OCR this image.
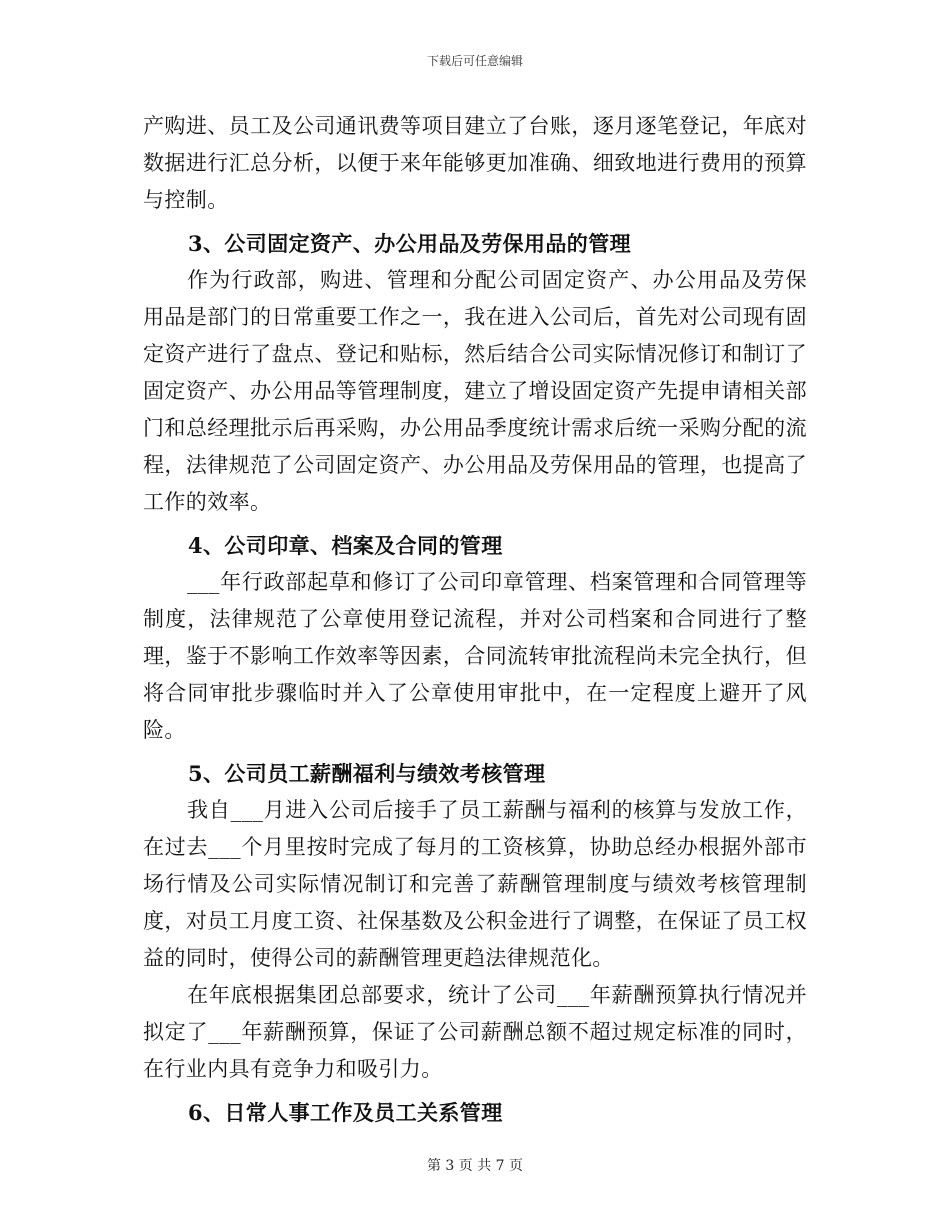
下载后可任意编辑

产购进、员工及公司通讯费等项目建立了台账，逐月逐笔登记，年底对数据进行汇总分析，以便于来年能够更加准确、细致地进行费用的预算与控制。

3、公司固定资产、办公用品及劳保用品的管理

作为行政部，购进、管理和分配公司固定资产、办公用品及劳保用品是部门的日常重要工作之一，我在进入公司后，首先对公司现有固定资产进行了盘点、登记和贴标，然后结合公司实际情况修订和制订了固定资产、办公用品等管理制度，建立了增设固定资产先提申请相关部门和总经理批示后再采购，办公用品季度统计需求后统一采购分配的流程，法律规范了公司固定资产、办公用品及劳保用品的管理，也提高了工作的效率。

4、公司印章、档案及合同的管理

___年行政部起草和修订了公司印章管理、档案管理和合同管理等制度，法律规范了公章使用登记流程，并对公司档案和合同进行了整理，鉴于不影响工作效率等因素，合同流转审批流程尚未完全执行，但将合同审批步骤临时并入了公章使用审批中，在一定程度上避开了风险。

5、公司员工薪酬福利与绩效考核管理

我自___月进入公司后接手了员工薪酬与福利的核算与发放工作，在过去___个月里按时完成了每月的工资核算，协助总经办根据外部市场行情及公司实际情况制订和完善了薪酬管理制度与绩效考核管理制度，对员工月度工资、社保基数及公积金进行了调整，在保证了员工权益的同时，使得公司的薪酬管理更趋法律规范化。

在年底根据集团总部要求，统计了公司___年薪酬预算执行情况并拟定了___年薪酬预算，保证了公司薪酬总额不超过规定标准的同时，在行业内具有竞争力和吸引力。

6、日常人事工作及员工关系管理

第 3 页 共 7 页
